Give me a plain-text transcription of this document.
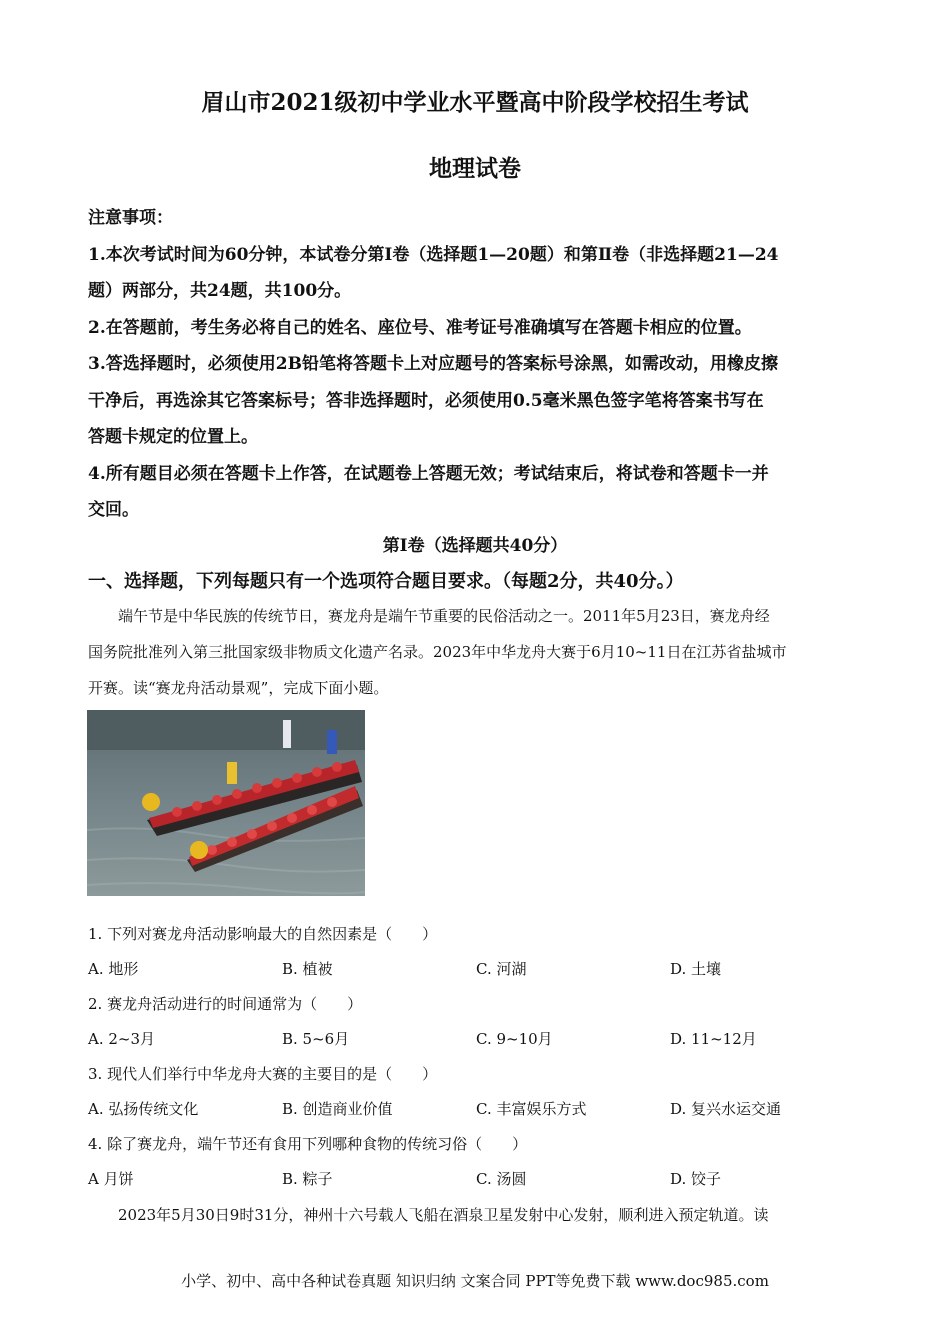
眉山市2021级初中学业水平暨高中阶段学校招生考试
地理试卷
注意事项：
1.本次考试时间为60分钟，本试卷分第Ⅰ卷（选择题1—20题）和第Ⅱ卷（非选择题21—24
题）两部分，共24题，共100分。
2.在答题前，考生务必将自己的姓名、座位号、准考证号准确填写在答题卡相应的位置。
3.答选择题时，必须使用2B铅笔将答题卡上对应题号的答案标号涂黑，如需改动，用橡皮擦
干净后，再选涂其它答案标号；答非选择题时，必须使用0.5毫米黑色签字笔将答案书写在
答题卡规定的位置上。
4.所有题目必须在答题卡上作答，在试题卷上答题无效；考试结束后，将试卷和答题卡一并
交回。
第Ⅰ卷（选择题共40分）
一、选择题，下列每题只有一个选项符合题目要求。（每题2分，共40分。）
端午节是中华民族的传统节日，赛龙舟是端午节重要的民俗活动之一。2011年5月23日，赛龙舟经
国务院批准列入第三批国家级非物质文化遗产名录。2023年中华龙舟大赛于6月10~11日在江苏省盐城市
开赛。读“赛龙舟活动景观”，完成下面小题。
1. 下列对赛龙舟活动影响最大的自然因素是（　　）
A. 地形	B. 植被	C. 河湖	D. 土壤
2. 赛龙舟活动进行的时间通常为（　　）
A. 2~3月	B. 5~6月	C. 9~10月	D. 11~12月
3. 现代人们举行中华龙舟大赛的主要目的是（　　）
A. 弘扬传统文化	B. 创造商业价值	C. 丰富娱乐方式	D. 复兴水运交通
4. 除了赛龙舟，端午节还有食用下列哪种食物的传统习俗（　　）
A 月饼	B. 粽子	C. 汤圆	D. 饺子
2023年5月30日9时31分，神州十六号载人飞船在酒泉卫星发射中心发射，顺利进入预定轨道。读
小学、初中、高中各种试卷真题 知识归纳 文案合同 PPT等免费下载 www.doc985.com
